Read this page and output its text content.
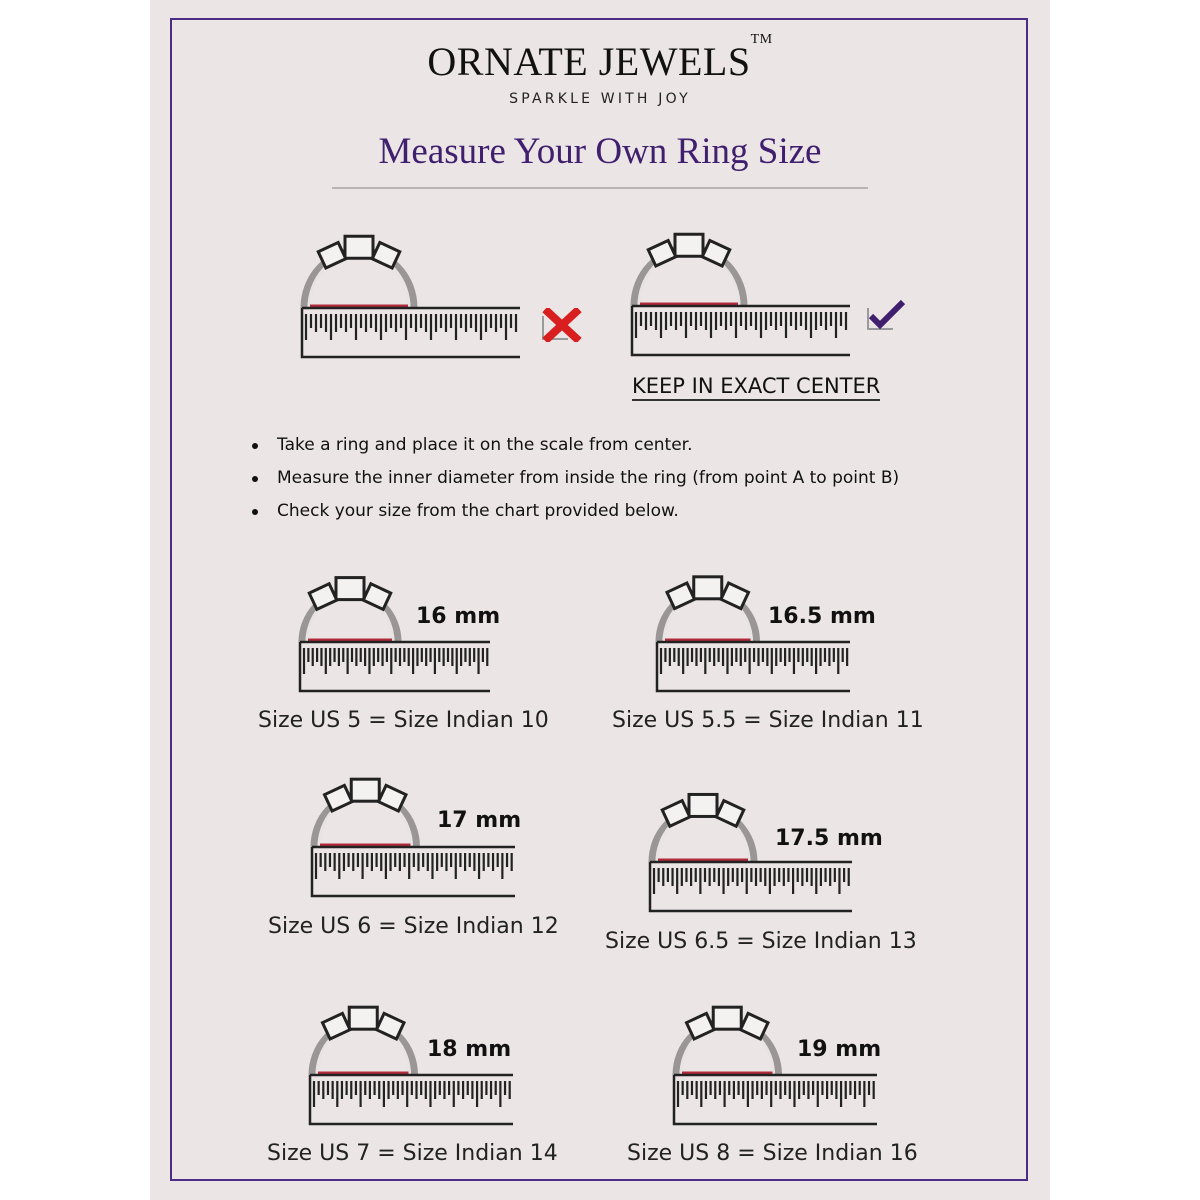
ORNATE JEWELS™
SPARKLE WITH JOY
Measure Your Own Ring Size
KEEP IN EXACT CENTER
Take a ring and place it on the scale from center.
Measure the inner diameter from inside the ring (from point A to point B)
Check your size from the chart provided below.
16 mm
Size US 5 = Size Indian 10
16.5 mm
Size US 5.5 = Size Indian 11
17 mm
Size US 6 = Size Indian 12
17.5 mm
Size US 6.5 = Size Indian 13
18 mm
Size US 7 = Size Indian 14
19 mm
Size US 8 = Size Indian 16
